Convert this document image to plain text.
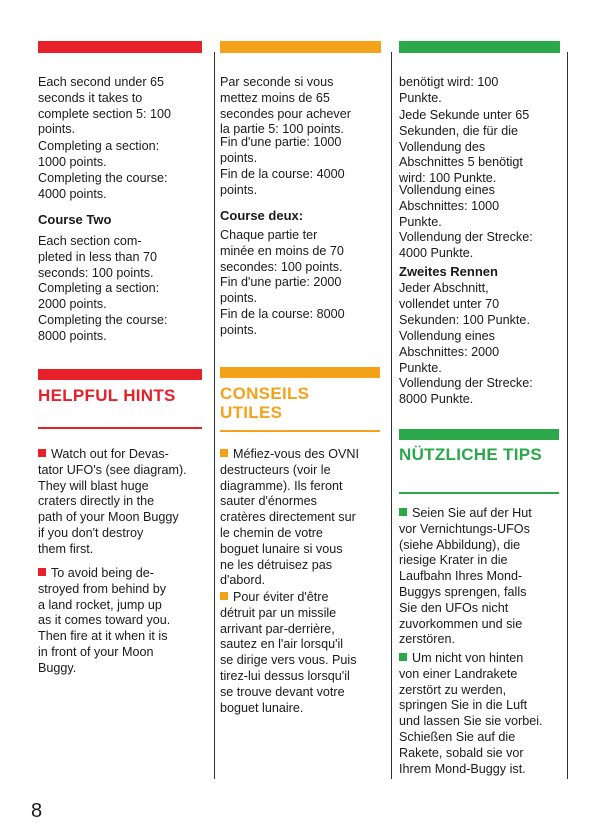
Each second under 65
seconds it takes to
complete section 5: 100
points.

Completing a section:
1000 points.

Completing the course:
4000 points.

Course Two

Each section com-
pleted in less than 70
seconds: 100 points.

Completing a section:
2000 points.

Completing the course:
8000 points.

HELPFUL HINTS

Watch out for Devas-
tator UFO's (see diagram).
They will blast huge
craters directly in the
path of your Moon Buggy
if you don't destroy
them first.

To avoid being de-
stroyed from behind by
a land rocket, jump up
as it comes toward you.
Then fire at it when it is
in front of your Moon
Buggy.

Par seconde si vous
mettez moins de 65
secondes pour achever
la partie 5: 100 points.

Fin d'une partie: 1000
points.

Fin de la course: 4000
points.

Course deux:

Chaque partie ter
minée en moins de 70
secondes: 100 points.

Fin d'une partie: 2000
points.

Fin de la course: 8000
points.

CONSEILS

UTILES

Méfiez-vous des OVNI
destructeurs (voir le
diagramme). Ils feront
sauter d'énormes
cratères directement sur
le chemin de votre
boguet lunaire si vous
ne les détruisez pas
d'abord.

Pour éviter d'être
détruit par un missile
arrivant par-derrière,
sautez en l'air lorsqu'il
se dirige vers vous. Puis
tirez-lui dessus lorsqu'il
se trouve devant votre
boguet lunaire.

benötigt wird: 100
Punkte.

Jede Sekunde unter 65
Sekunden, die für die
Vollendung des
Abschnittes 5 benötigt
wird: 100 Punkte.

Vollendung eines
Abschnittes: 1000
Punkte.

Vollendung der Strecke:
4000 Punkte.

Zweites Rennen

Jeder Abschnitt,
vollendet unter 70
Sekunden: 100 Punkte.

Vollendung eines
Abschnittes: 2000
Punkte.

Vollendung der Strecke:
8000 Punkte.

NÜTZLICHE TIPS

Seien Sie auf der Hut
vor Vernichtungs-UFOs
(siehe Abbildung), die
riesige Krater in die
Laufbahn Ihres Mond-
Buggys sprengen, falls
Sie den UFOs nicht
zuvorkommen und sie
zerstören.

Um nicht von hinten
von einer Landrakete
zerstört zu werden,
springen Sie in die Luft
und lassen Sie sie vorbei.
Schießen Sie auf die
Rakete, sobald sie vor
Ihrem Mond-Buggy ist.

8
